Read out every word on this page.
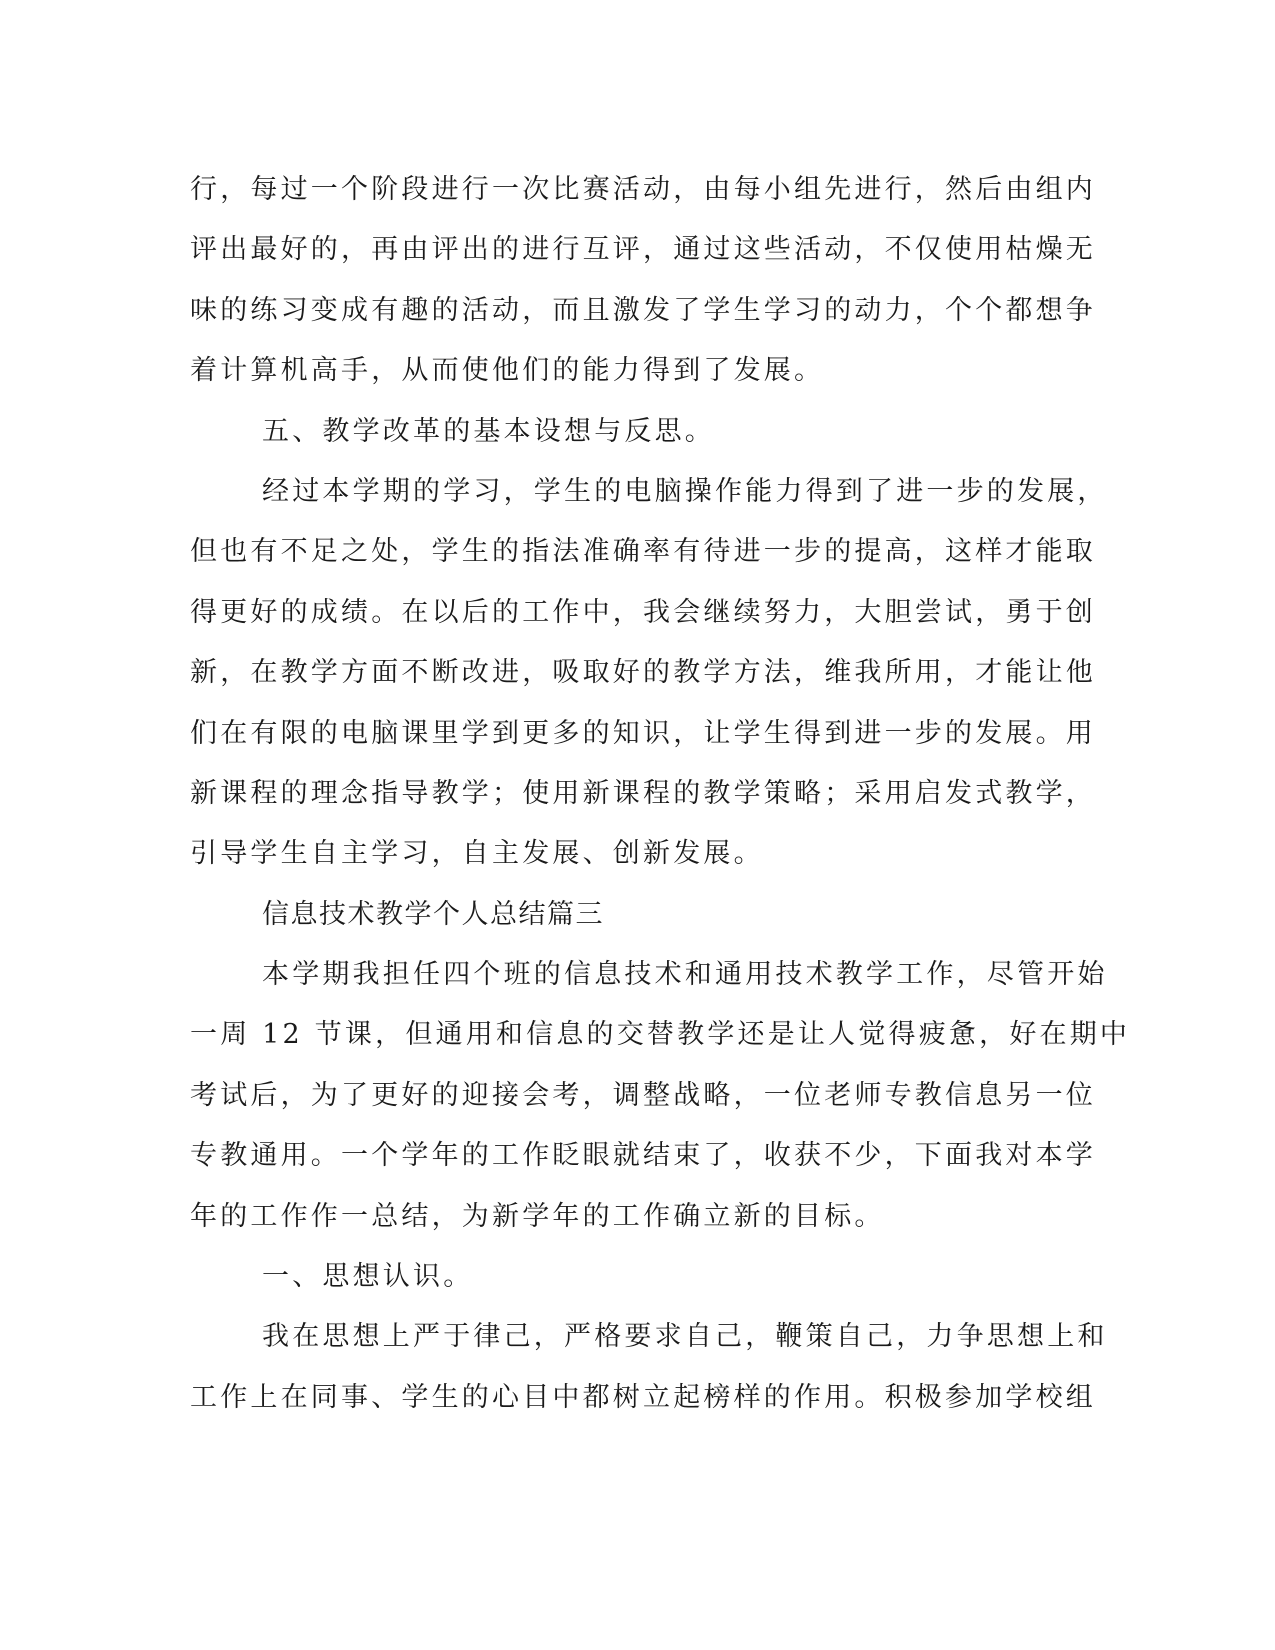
行，每过一个阶段进行一次比赛活动，由每小组先进行，然后由组内
评出最好的，再由评出的进行互评，通过这些活动，不仅使用枯燥无
味的练习变成有趣的活动，而且激发了学生学习的动力，个个都想争
着计算机高手，从而使他们的能力得到了发展。
五、教学改革的基本设想与反思。
经过本学期的学习，学生的电脑操作能力得到了进一步的发展，
但也有不足之处，学生的指法准确率有待进一步的提高，这样才能取
得更好的成绩。在以后的工作中，我会继续努力，大胆尝试，勇于创
新，在教学方面不断改进，吸取好的教学方法，维我所用，才能让他
们在有限的电脑课里学到更多的知识，让学生得到进一步的发展。用
新课程的理念指导教学；使用新课程的教学策略；采用启发式教学，
引导学生自主学习，自主发展、创新发展。
信息技术教学个人总结篇三
本学期我担任四个班的信息技术和通用技术教学工作，尽管开始
一周 12 节课，但通用和信息的交替教学还是让人觉得疲惫，好在期中
考试后，为了更好的迎接会考，调整战略，一位老师专教信息另一位
专教通用。一个学年的工作眨眼就结束了，收获不少，下面我对本学
年的工作作一总结，为新学年的工作确立新的目标。
一、思想认识。
我在思想上严于律己，严格要求自己，鞭策自己，力争思想上和
工作上在同事、学生的心目中都树立起榜样的作用。积极参加学校组
